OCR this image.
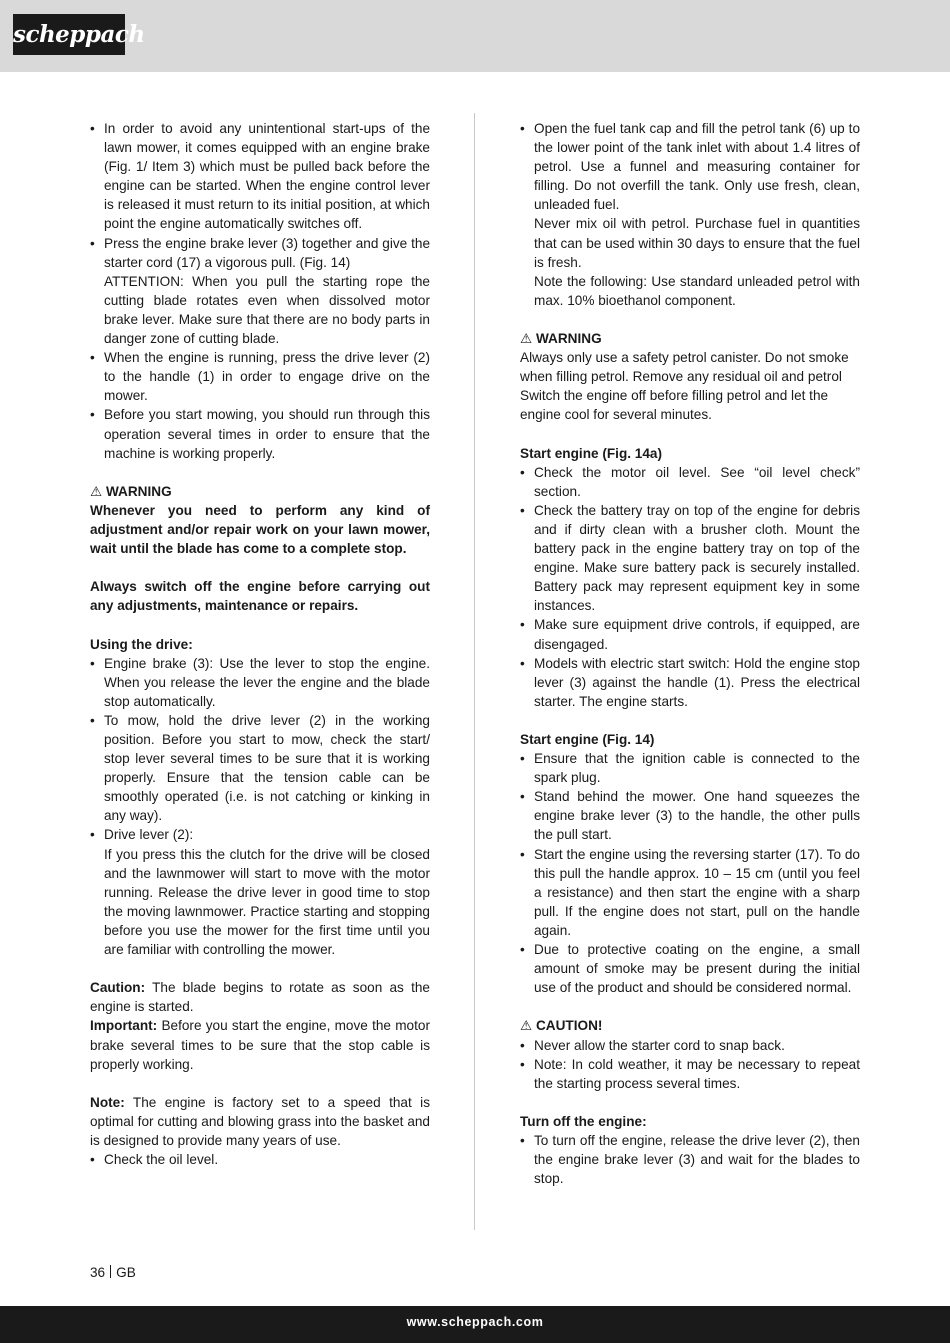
scheppach
• In order to avoid any unintentional start-ups of the lawn mower, it comes equipped with an engine brake (Fig. 1/ Item 3) which must be pulled back before the engine can be started. When the engine control lever is released it must return to its initial position, at which point the engine automatically switches off.
• Press the engine brake lever (3) together and give the starter cord (17) a vigorous pull. (Fig. 14)
ATTENTION: When you pull the starting rope the cutting blade rotates even when dissolved motor brake lever. Make sure that there are no body parts in danger zone of cutting blade.
• When the engine is running, press the drive lever (2) to the handle (1) in order to engage drive on the mower.
• Before you start mowing, you should run through this operation several times in order to ensure that the machine is working properly.

⚠ WARNING

Whenever you need to perform any kind of adjustment and/or repair work on your lawn mower, wait until the blade has come to a complete stop.

Always switch off the engine before carrying out any adjustments, maintenance or repairs.

Using the drive:

• Engine brake (3): Use the lever to stop the engine. When you release the lever the engine and the blade stop automatically.
• To mow, hold the drive lever (2) in the working position. Before you start to mow, check the start/ stop lever several times to be sure that it is working properly. Ensure that the tension cable can be smoothly operated (i.e. is not catching or kinking in any way).
• Drive lever (2):
If you press this the clutch for the drive will be closed and the lawnmower will start to move with the motor running. Release the drive lever in good time to stop the moving lawnmower. Practice starting and stopping before you use the mower for the first time until you are familiar with controlling the mower.

Caution: The blade begins to rotate as soon as the engine is started.

Important: Before you start the engine, move the motor brake several times to be sure that the stop cable is properly working.

Note: The engine is factory set to a speed that is optimal for cutting and blowing grass into the basket and is designed to provide many years of use.

• Check the oil level.
• Open the fuel tank cap and fill the petrol tank (6) up to the lower point of the tank inlet with about 1.4 litres of petrol. Use a funnel and measuring container for filling. Do not overfill the tank. Only use fresh, clean, unleaded fuel.
Never mix oil with petrol. Purchase fuel in quantities that can be used within 30 days to ensure that the fuel is fresh.
Note the following: Use standard unleaded petrol with max. 10% bioethanol component.

⚠ WARNING

Always only use a safety petrol canister. Do not smoke when filling petrol. Remove any residual oil and petrol Switch the engine off before filling petrol and let the engine cool for several minutes.

Start engine (Fig. 14a)

• Check the motor oil level. See “oil level check” section.
• Check the battery tray on top of the engine for debris and if dirty clean with a brusher cloth. Mount the battery pack in the engine battery tray on top of the engine. Make sure battery pack is securely installed. Battery pack may represent equipment key in some instances.
• Make sure equipment drive controls, if equipped, are disengaged.
• Models with electric start switch: Hold the engine stop lever (3) against the handle (1). Press the electrical starter. The engine starts.

Start engine (Fig. 14)

• Ensure that the ignition cable is connected to the spark plug.
• Stand behind the mower. One hand squeezes the engine brake lever (3) to the handle, the other pulls the pull start.
• Start the engine using the reversing starter (17). To do this pull the handle approx. 10 – 15 cm (until you feel a resistance) and then start the engine with a sharp pull. If the engine does not start, pull on the handle again.
• Due to protective coating on the engine, a small amount of smoke may be present during the initial use of the product and should be considered normal.

⚠ CAUTION!

• Never allow the starter cord to snap back.
• Note: In cold weather, it may be necessary to repeat the starting process several times.

Turn off the engine:

• To turn off the engine, release the drive lever (2), then the engine brake lever (3) and wait for the blades to stop.
36 GB
www.scheppach.com
